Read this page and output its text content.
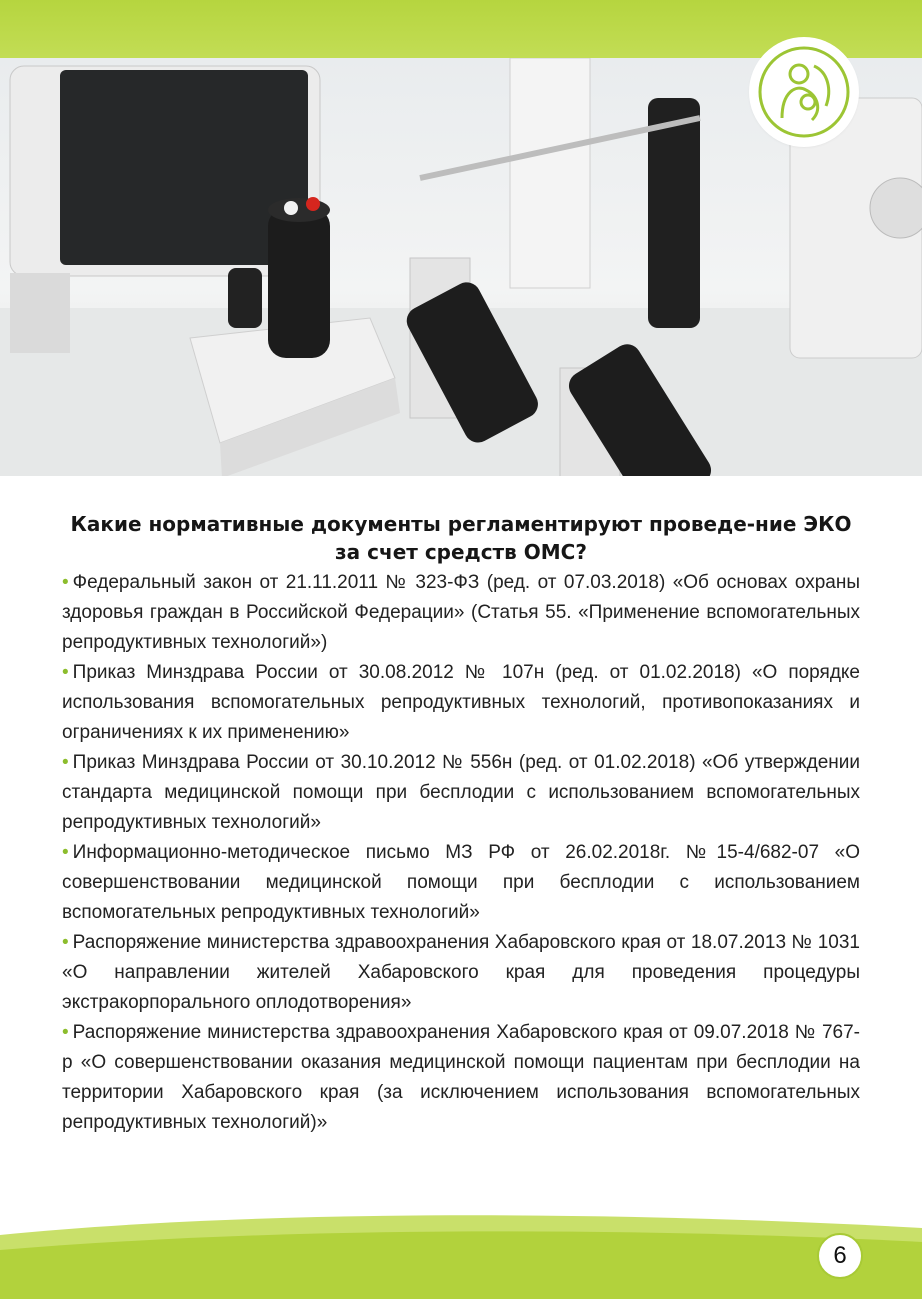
Какие нормативные документы регламентируют проведе-ние ЭКО
за счет средств ОМС?

• Федеральный закон от 21.11.2011 № 323-ФЗ (ред. от 07.03.2018) «Об основах охраны здоровья граждан в Российской Федерации» (Статья 55. «Применение вспомогательных репродуктивных технологий»)

• Приказ Минздрава России от 30.08.2012 № 107н (ред. от 01.02.2018) «О порядке использования вспомогательных репродуктивных технологий, противопоказаниях и ограничениях к их применению»

• Приказ Минздрава России от 30.10.2012 № 556н (ред. от 01.02.2018) «Об утверждении стандарта медицинской помощи при бесплодии с использованием вспомогательных репродуктивных технологий»

• Информационно-методическое письмо МЗ РФ от 26.02.2018г. №15-4/682-07 «О совершенствовании медицинской помощи при бесплодии с использованием вспомогательных репродуктивных технологий»

• Распоряжение министерства здравоохранения Хабаровского края от 18.07.2013 № 1031 «О направлении жителей Хабаровского края для проведения процедуры экстракорпорального оплодотворения»

• Распоряжение министерства здравоохранения Хабаровского края от 09.07.2018 № 767-р «О совершенствовании оказания медицинской помощи пациентам при бесплодии на территории Хабаровского края (за исключением использования вспомогательных репродуктивных технологий)»

6
